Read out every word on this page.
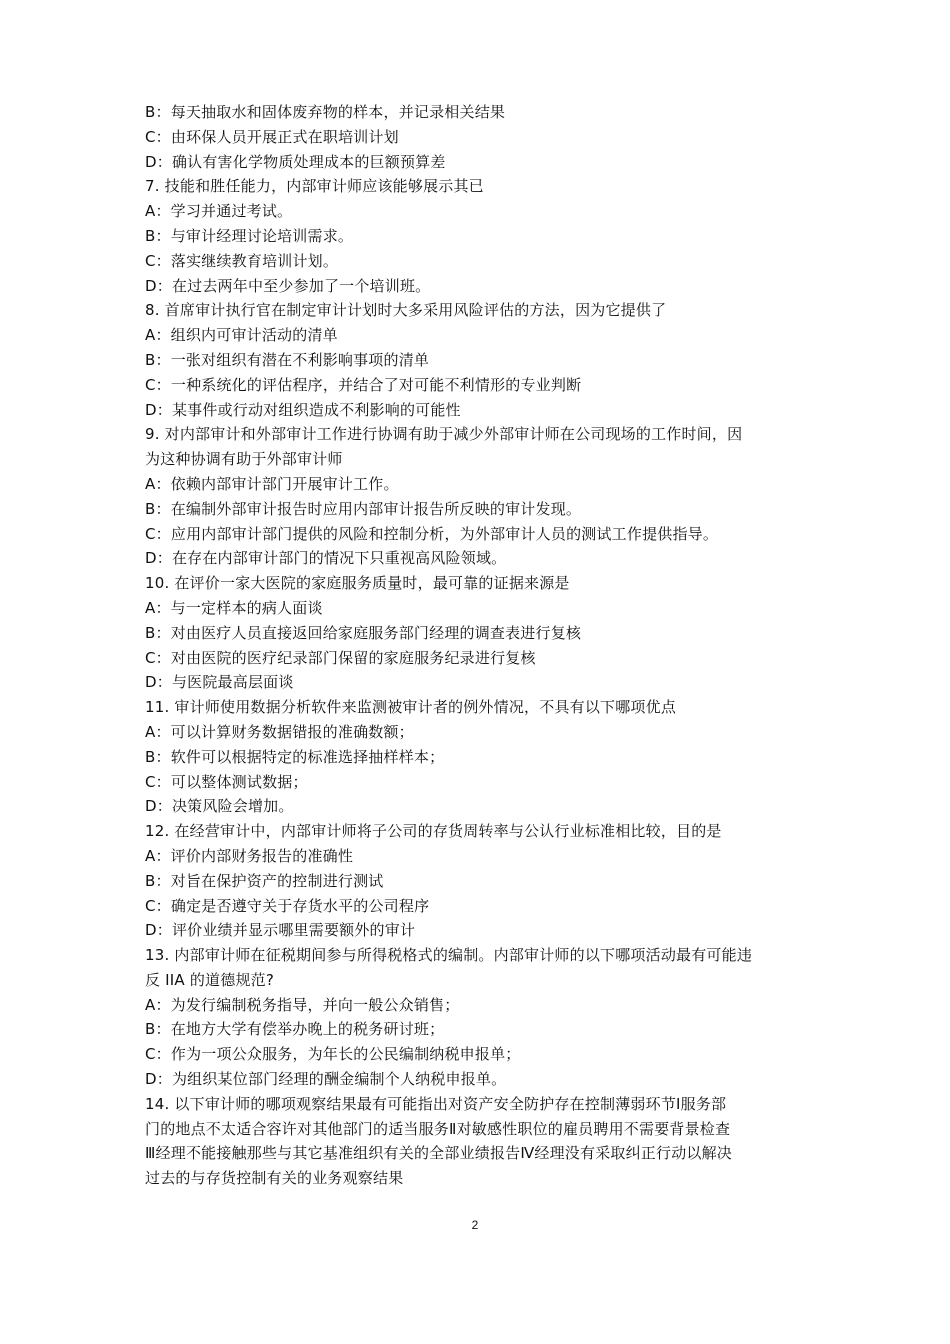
B：每天抽取水和固体废弃物的样本，并记录相关结果
C：由环保人员开展正式在职培训计划
D：确认有害化学物质处理成本的巨额预算差
7. 技能和胜任能力，内部审计师应该能够展示其已
A：学习并通过考试。
B：与审计经理讨论培训需求。
C：落实继续教育培训计划。
D：在过去两年中至少参加了一个培训班。
8. 首席审计执行官在制定审计计划时大多采用风险评估的方法，因为它提供了
A：组织内可审计活动的清单
B：一张对组织有潜在不利影响事项的清单
C：一种系统化的评估程序，并结合了对可能不利情形的专业判断
D：某事件或行动对组织造成不利影响的可能性
9. 对内部审计和外部审计工作进行协调有助于减少外部审计师在公司现场的工作时间，因
为这种协调有助于外部审计师
A：依赖内部审计部门开展审计工作。
B：在编制外部审计报告时应用内部审计报告所反映的审计发现。
C：应用内部审计部门提供的风险和控制分析，为外部审计人员的测试工作提供指导。
D：在存在内部审计部门的情况下只重视高风险领域。
10. 在评价一家大医院的家庭服务质量时，最可靠的证据来源是
A：与一定样本的病人面谈
B：对由医疗人员直接返回给家庭服务部门经理的调查表进行复核
C：对由医院的医疗纪录部门保留的家庭服务纪录进行复核
D：与医院最高层面谈
11. 审计师使用数据分析软件来监测被审计者的例外情况，不具有以下哪项优点
A：可以计算财务数据错报的准确数额；
B：软件可以根据特定的标准选择抽样样本；
C：可以整体测试数据；
D：决策风险会增加。
12. 在经营审计中，内部审计师将子公司的存货周转率与公认行业标准相比较，目的是
A：评价内部财务报告的准确性
B：对旨在保护资产的控制进行测试
C：确定是否遵守关于存货水平的公司程序
D：评价业绩并显示哪里需要额外的审计
13. 内部审计师在征税期间参与所得税格式的编制。内部审计师的以下哪项活动最有可能违
反 IIA 的道德规范?
A：为发行编制税务指导，并向一般公众销售；
B：在地方大学有偿举办晚上的税务研讨班；
C：作为一项公众服务，为年长的公民编制纳税申报单；
D：为组织某位部门经理的酬金编制个人纳税申报单。
14. 以下审计师的哪项观察结果最有可能指出对资产安全防护存在控制薄弱环节Ⅰ服务部
门的地点不太适合容许对其他部门的适当服务Ⅱ对敏感性职位的雇员聘用不需要背景检查
Ⅲ经理不能接触那些与其它基准组织有关的全部业绩报告Ⅳ经理没有采取纠正行动以解决
过去的与存货控制有关的业务观察结果
2
